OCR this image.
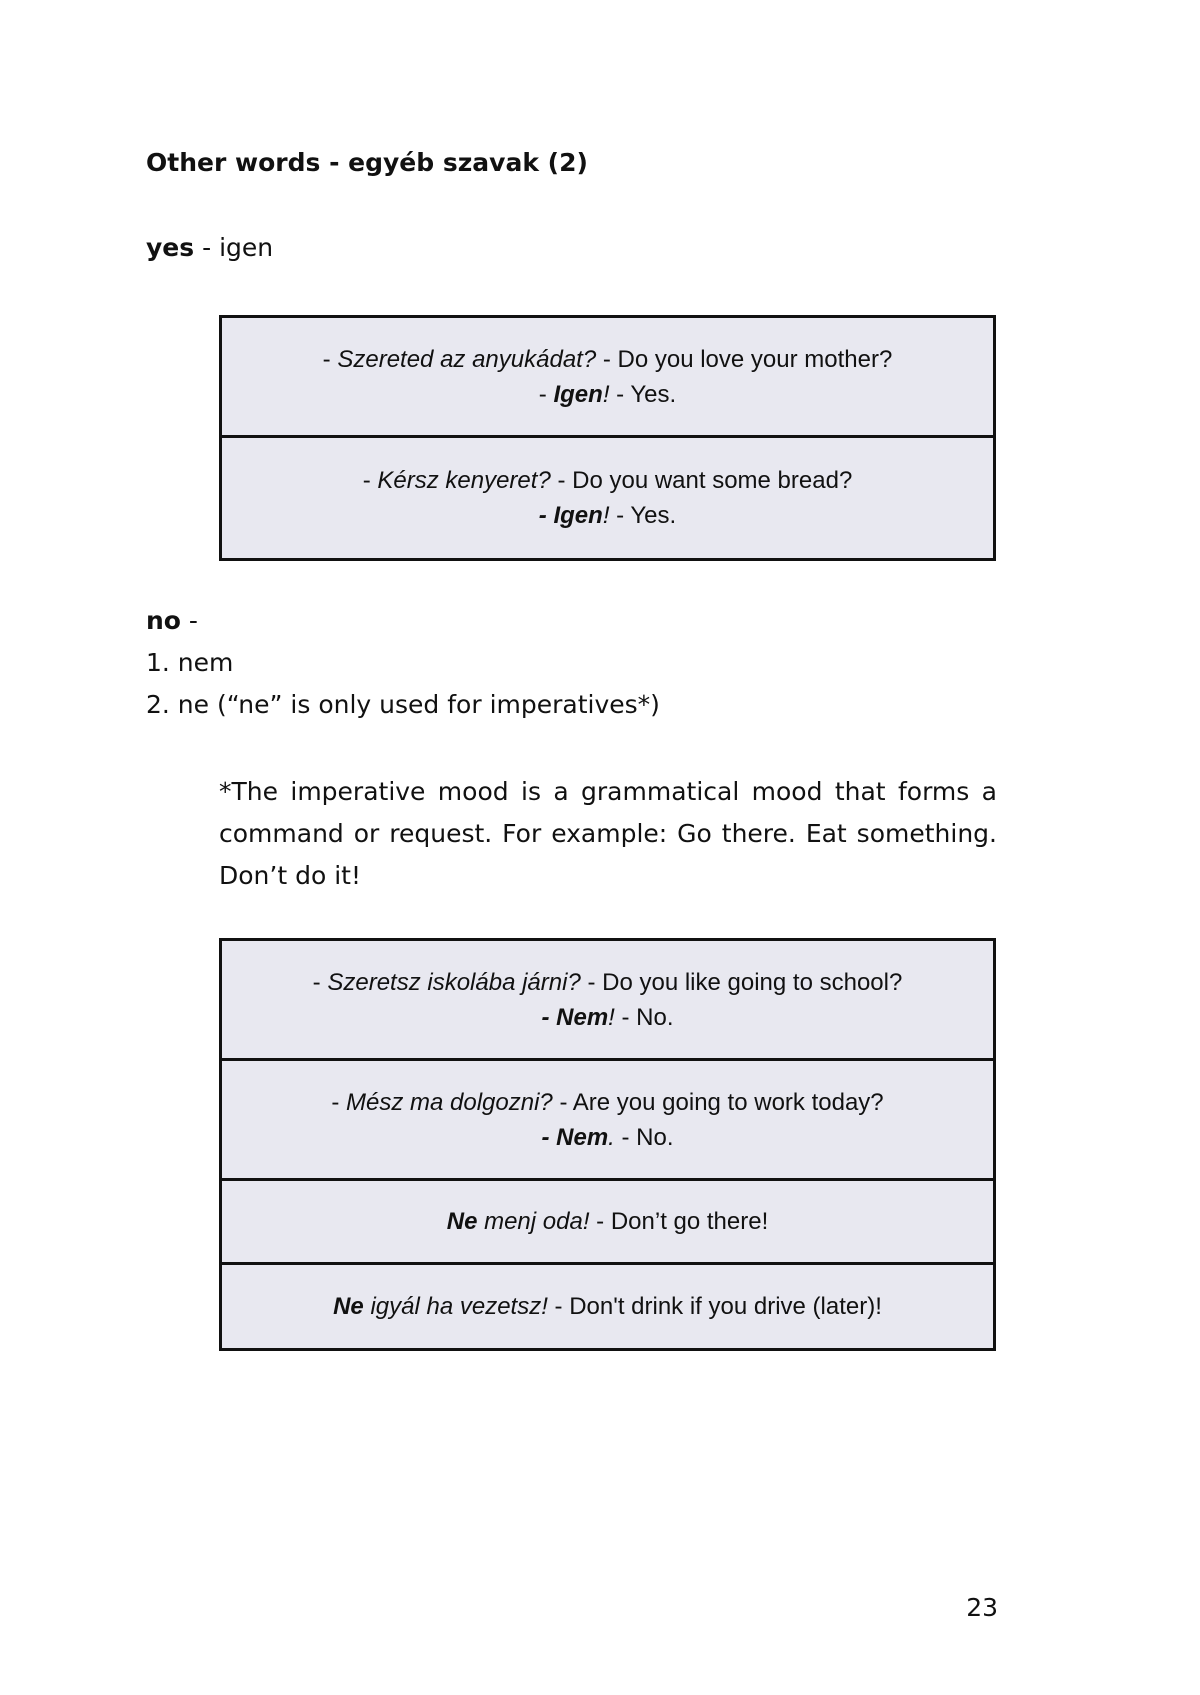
Other words - egyéb szavak (2)

yes - igen

- Szereted az anyukádat? - Do you love your mother?
- Igen! - Yes.
- Kérsz kenyeret? - Do you want some bread?
- Igen! - Yes.

no -

1. nem

2. ne (“ne” is only used for imperatives*)

*The imperative mood is a grammatical mood that forms a command or request. For example: Go there. Eat something. Don’t do it!

- Szeretsz iskolába járni? - Do you like going to school?
- Nem! - No.
- Mész ma dolgozni? - Are you going to work today?
- Nem. - No.
Ne menj oda! - Don’t go there!
Ne igyál ha vezetsz! - Don't drink if you drive (later)!

23
